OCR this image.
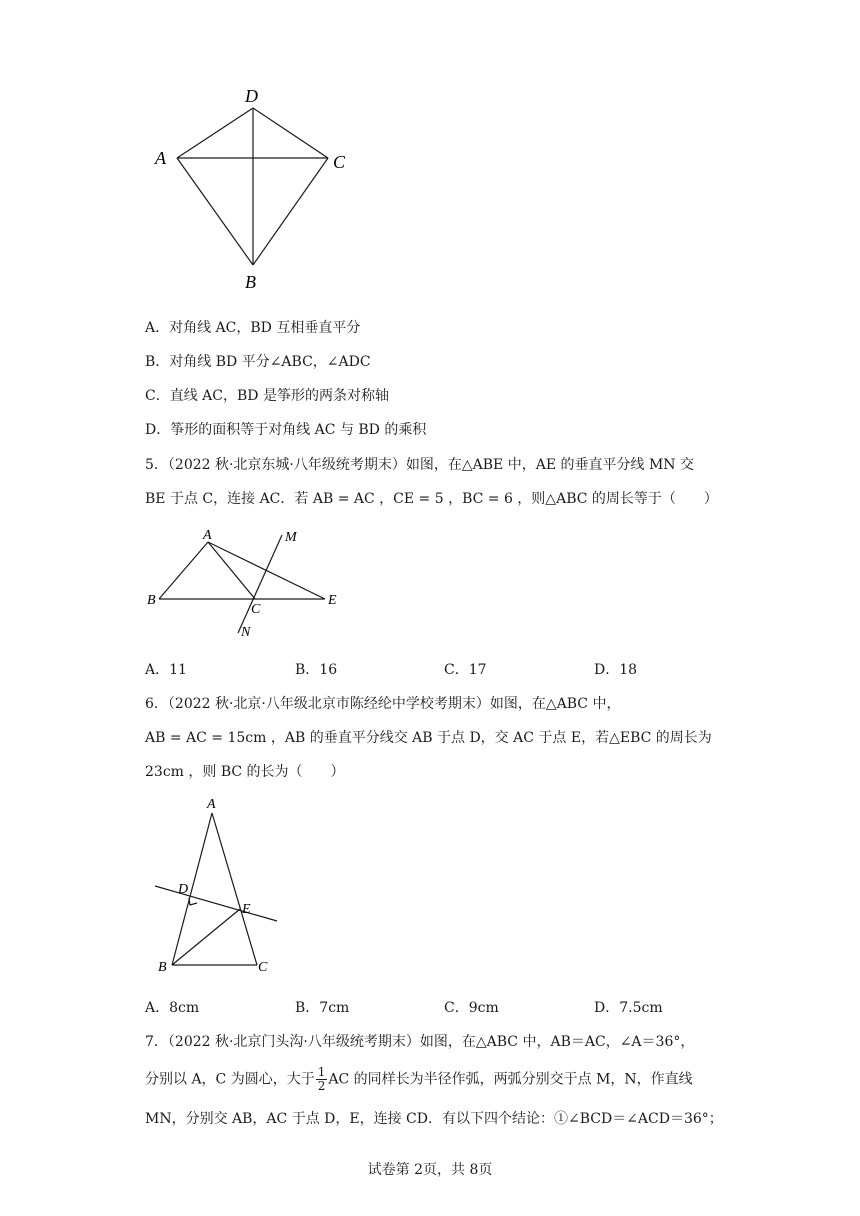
D
A	C
B
A．对角线 AC，BD 互相垂直平分
B．对角线 BD 平分∠ABC，∠ADC
C．直线 AC，BD 是筝形的两条对称轴
D．筝形的面积等于对角线 AC 与 BD 的乘积
5．（2022 秋·北京东城·八年级统考期末）如图，在△ABE 中，AE 的垂直平分线 MN 交
BE 于点 C，连接 AC．若 AB = AC ，CE = 5 ，BC = 6 ，则△ABC 的周长等于（　　）
A	M
B
C
E
N
A．11	B．16	C．17	D．18
6．（2022 秋·北京·八年级北京市陈经纶中学校考期末）如图，在△ABC 中，
AB = AC = 15cm ，AB 的垂直平分线交 AB 于点 D，交 AC 于点 E，若△EBC 的周长为
23cm ，则 BC 的长为（　　）
A
D
E
B	C
A．8cm	B．7cm	C．9cm	D．7.5cm
7．（2022 秋·北京门头沟·八年级统考期末）如图，在△ABC 中，AB＝AC，∠A＝36°，
分别以 A，C 为圆心，大于 $\frac{1}{2}$ AC 的同样长为半径作弧，两弧分别交于点 M，N，作直线
MN，分别交 AB，AC 于点 D，E，连接 CD．有以下四个结论：①∠BCD＝∠ACD＝36°；
试卷第 2页，共 8页
